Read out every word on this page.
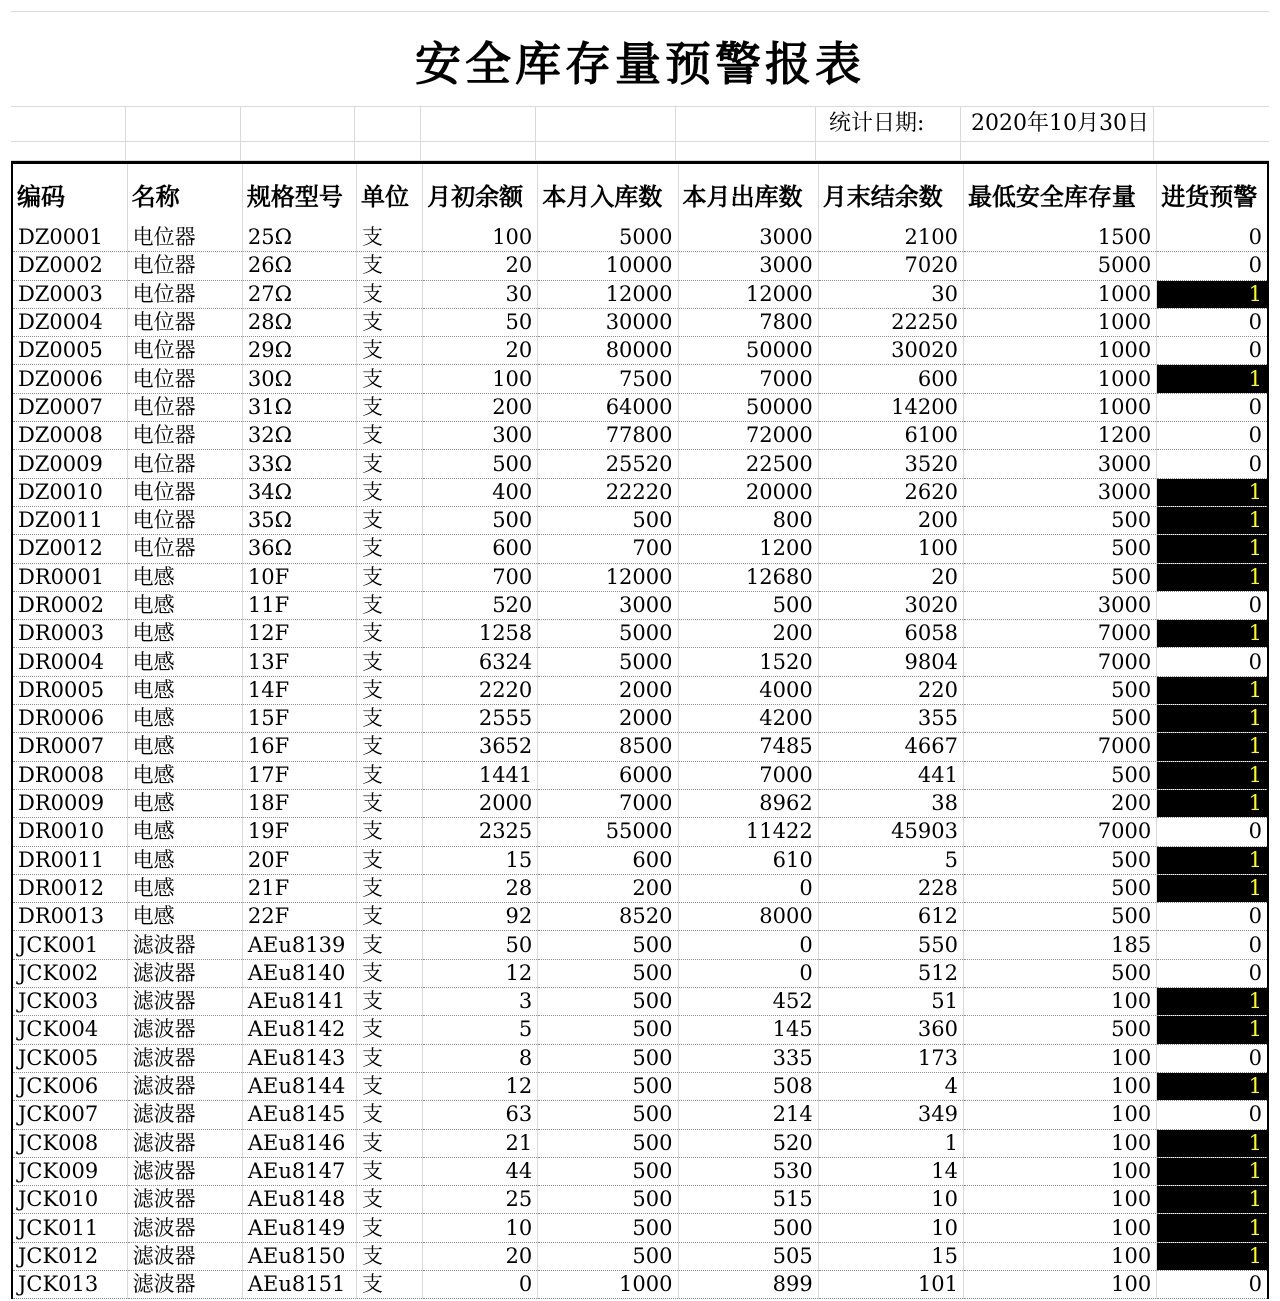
安全库存量预警报表
统计日期:	2020年10月30日
编码	名称	规格型号	单位	月初余额	本月入库数	本月出库数	月末结余数	最低安全库存量	进货预警
DZ0001	电位器	25Ω	支	100	5000	3000	2100	1500	0
DZ0002	电位器	26Ω	支	20	10000	3000	7020	5000	0
DZ0003	电位器	27Ω	支	30	12000	12000	30	1000	1
DZ0004	电位器	28Ω	支	50	30000	7800	22250	1000	0
DZ0005	电位器	29Ω	支	20	80000	50000	30020	1000	0
DZ0006	电位器	30Ω	支	100	7500	7000	600	1000	1
DZ0007	电位器	31Ω	支	200	64000	50000	14200	1000	0
DZ0008	电位器	32Ω	支	300	77800	72000	6100	1200	0
DZ0009	电位器	33Ω	支	500	25520	22500	3520	3000	0
DZ0010	电位器	34Ω	支	400	22220	20000	2620	3000	1
DZ0011	电位器	35Ω	支	500	500	800	200	500	1
DZ0012	电位器	36Ω	支	600	700	1200	100	500	1
DR0001	电感	10F	支	700	12000	12680	20	500	1
DR0002	电感	11F	支	520	3000	500	3020	3000	0
DR0003	电感	12F	支	1258	5000	200	6058	7000	1
DR0004	电感	13F	支	6324	5000	1520	9804	7000	0
DR0005	电感	14F	支	2220	2000	4000	220	500	1
DR0006	电感	15F	支	2555	2000	4200	355	500	1
DR0007	电感	16F	支	3652	8500	7485	4667	7000	1
DR0008	电感	17F	支	1441	6000	7000	441	500	1
DR0009	电感	18F	支	2000	7000	8962	38	200	1
DR0010	电感	19F	支	2325	55000	11422	45903	7000	0
DR0011	电感	20F	支	15	600	610	5	500	1
DR0012	电感	21F	支	28	200	0	228	500	1
DR0013	电感	22F	支	92	8520	8000	612	500	0
JCK001	滤波器	AEu8139	支	50	500	0	550	185	0
JCK002	滤波器	AEu8140	支	12	500	0	512	500	0
JCK003	滤波器	AEu8141	支	3	500	452	51	100	1
JCK004	滤波器	AEu8142	支	5	500	145	360	500	1
JCK005	滤波器	AEu8143	支	8	500	335	173	100	0
JCK006	滤波器	AEu8144	支	12	500	508	4	100	1
JCK007	滤波器	AEu8145	支	63	500	214	349	100	0
JCK008	滤波器	AEu8146	支	21	500	520	1	100	1
JCK009	滤波器	AEu8147	支	44	500	530	14	100	1
JCK010	滤波器	AEu8148	支	25	500	515	10	100	1
JCK011	滤波器	AEu8149	支	10	500	500	10	100	1
JCK012	滤波器	AEu8150	支	20	500	505	15	100	1
JCK013	滤波器	AEu8151	支	0	1000	899	101	100	0
